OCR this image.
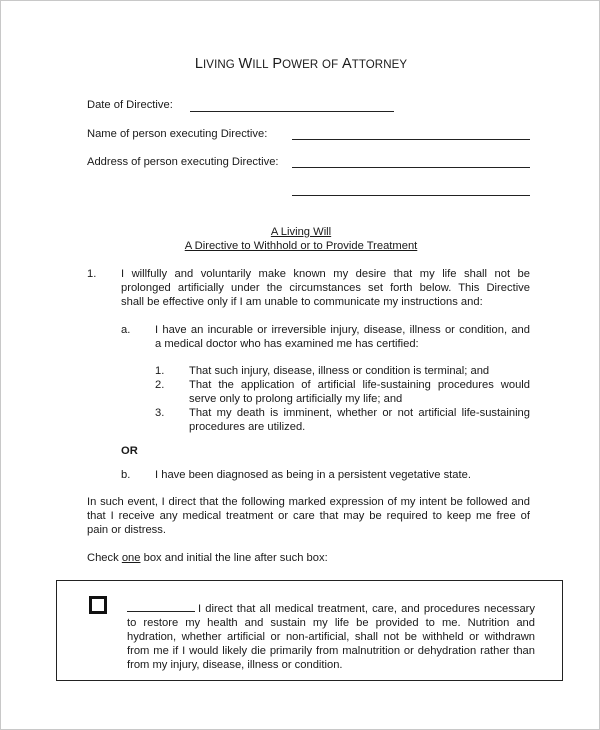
LIVING WILL POWER OF ATTORNEY
Date of Directive:
Name of person executing Directive:
Address of person executing Directive:
A Living Will
A Directive to Withhold or to Provide Treatment
1. I willfully and voluntarily make known my desire that my life shall not be
prolonged artificially under the circumstances set forth below. This Directive
shall be effective only if I am unable to communicate my instructions and:
a. I have an incurable or irreversible injury, disease, illness or condition, and
a medical doctor who has examined me has certified:
1. That such injury, disease, illness or condition is terminal; and
2. That the application of artificial life-sustaining procedures would
serve only to prolong artificially my life; and
3. That my death is imminent, whether or not artificial life-sustaining
procedures are utilized.
OR
b. I have been diagnosed as being in a persistent vegetative state.
In such event, I direct that the following marked expression of my intent be followed and
that I receive any medical treatment or care that may be required to keep me free of
pain or distress.
Check one box and initial the line after such box:
I direct that all medical treatment, care, and procedures necessary
to restore my health and sustain my life be provided to me. Nutrition and
hydration, whether artificial or non-artificial, shall not be withheld or withdrawn
from me if I would likely die primarily from malnutrition or dehydration rather than
from my injury, disease, illness or condition.
